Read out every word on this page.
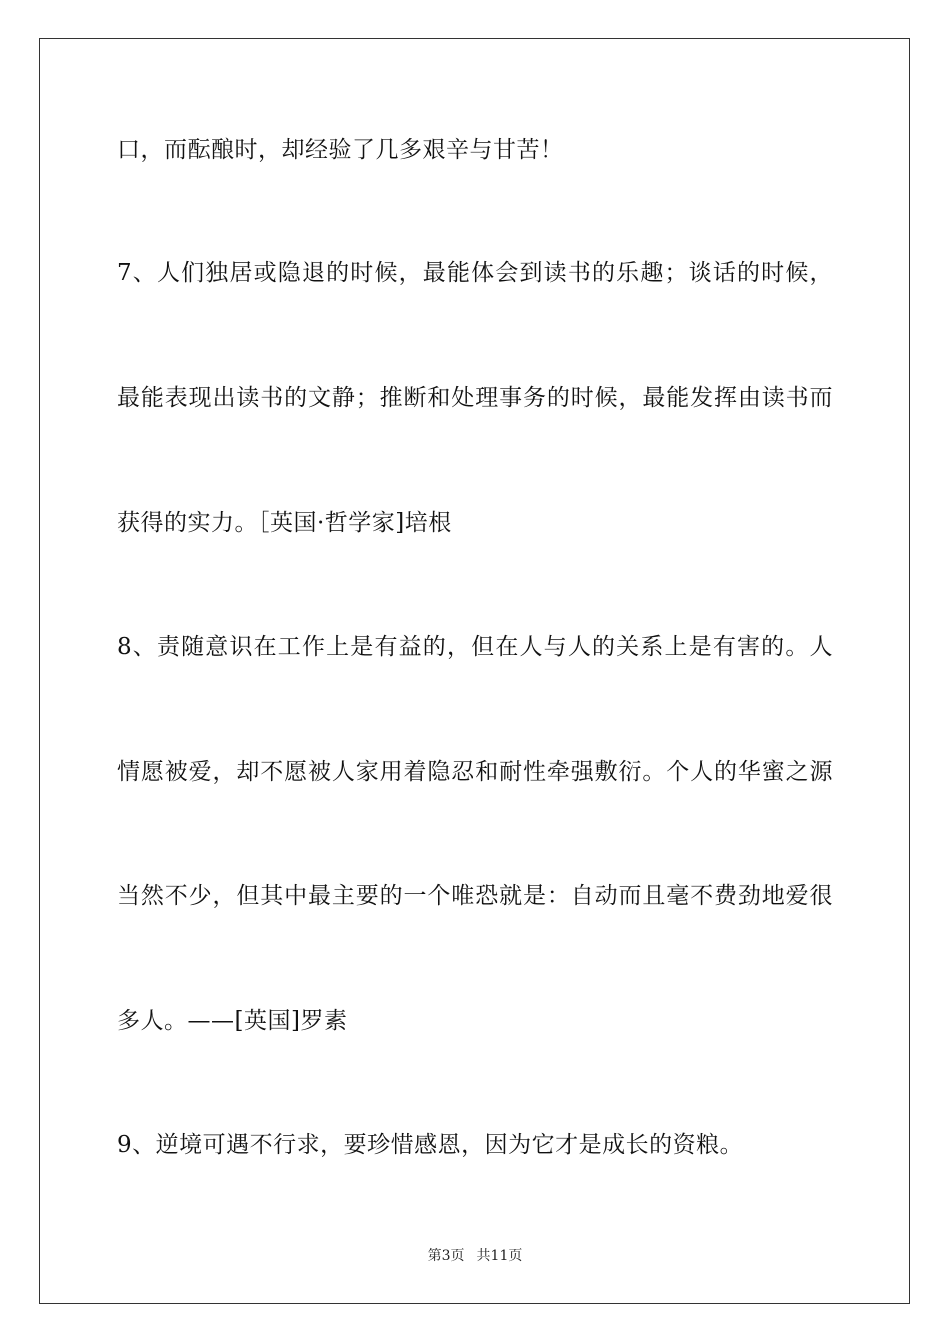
口，而酝酿时，却经验了几多艰辛与甘苦！
7、人们独居或隐退的时候，最能体会到读书的乐趣；谈话的时候，
最能表现出读书的文静；推断和处理事务的时候，最能发挥由读书而
获得的实力。［英国·哲学家]培根
8、责随意识在工作上是有益的，但在人与人的关系上是有害的。人
情愿被爱，却不愿被人家用着隐忍和耐性牵强敷衍。个人的华蜜之源
当然不少，但其中最主要的一个唯恐就是：自动而且毫不费劲地爱很
多人。——[英国]罗素
9、逆境可遇不行求，要珍惜感恩，因为它才是成长的资粮。
第3页 共11页
